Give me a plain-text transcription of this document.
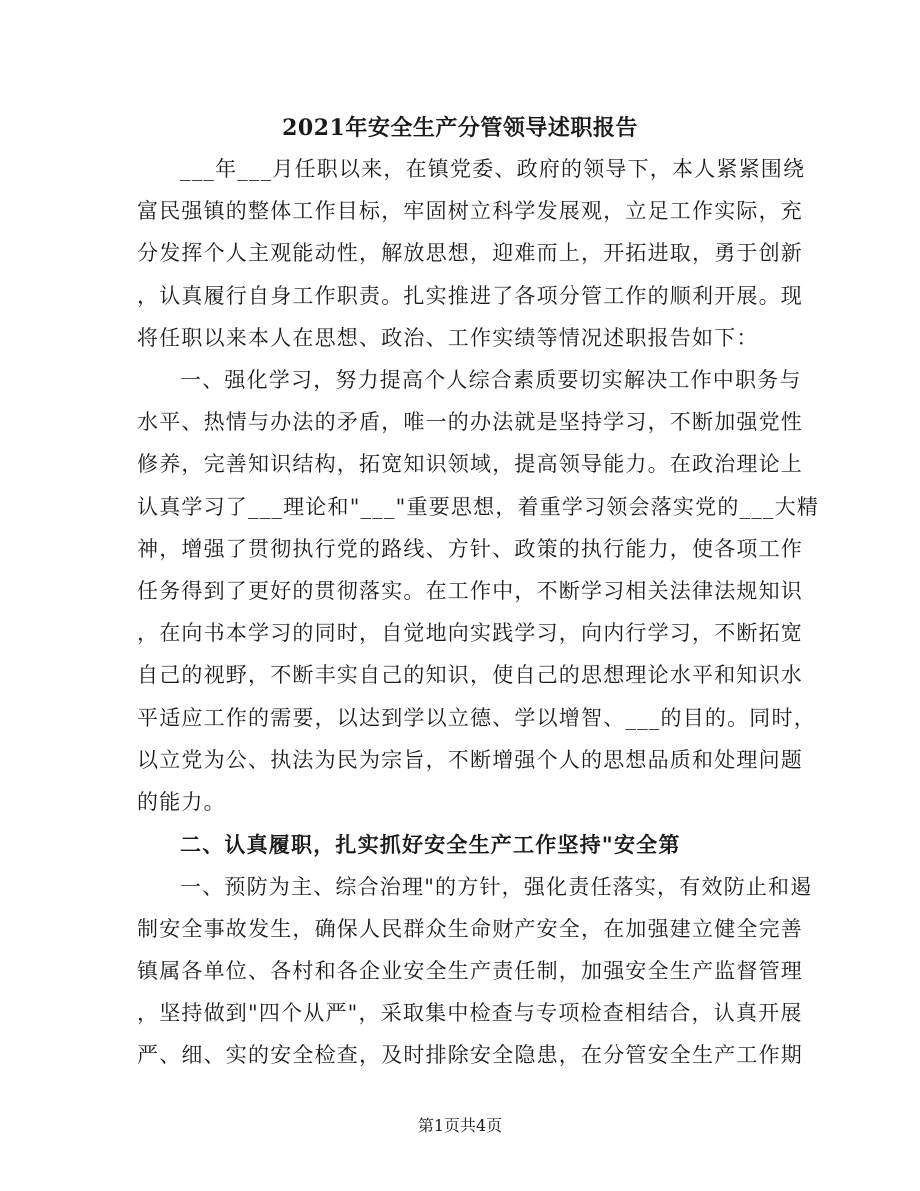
2021年安全生产分管领导述职报告
___年___月任职以来，在镇党委、政府的领导下，本人紧紧围绕
富民强镇的整体工作目标，牢固树立科学发展观，立足工作实际，充
分发挥个人主观能动性，解放思想，迎难而上，开拓进取，勇于创新
，认真履行自身工作职责。扎实推进了各项分管工作的顺利开展。现
将任职以来本人在思想、政治、工作实绩等情况述职报告如下：
一、强化学习，努力提高个人综合素质要切实解决工作中职务与
水平、热情与办法的矛盾，唯一的办法就是坚持学习，不断加强党性
修养，完善知识结构，拓宽知识领域，提高领导能力。在政治理论上
认真学习了___理论和"___"重要思想，着重学习领会落实党的___大精
神，增强了贯彻执行党的路线、方针、政策的执行能力，使各项工作
任务得到了更好的贯彻落实。在工作中，不断学习相关法律法规知识
，在向书本学习的同时，自觉地向实践学习，向内行学习，不断拓宽
自己的视野，不断丰实自己的知识，使自己的思想理论水平和知识水
平适应工作的需要，以达到学以立德、学以增智、___的目的。同时，
以立党为公、执法为民为宗旨，不断增强个人的思想品质和处理问题
的能力。
二、认真履职，扎实抓好安全生产工作坚持"安全第
一、预防为主、综合治理"的方针，强化责任落实，有效防止和遏
制安全事故发生，确保人民群众生命财产安全，在加强建立健全完善
镇属各单位、各村和各企业安全生产责任制，加强安全生产监督管理
，坚持做到"四个从严"，采取集中检查与专项检查相结合，认真开展
严、细、实的安全检查，及时排除安全隐患，在分管安全生产工作期
第1页共4页
